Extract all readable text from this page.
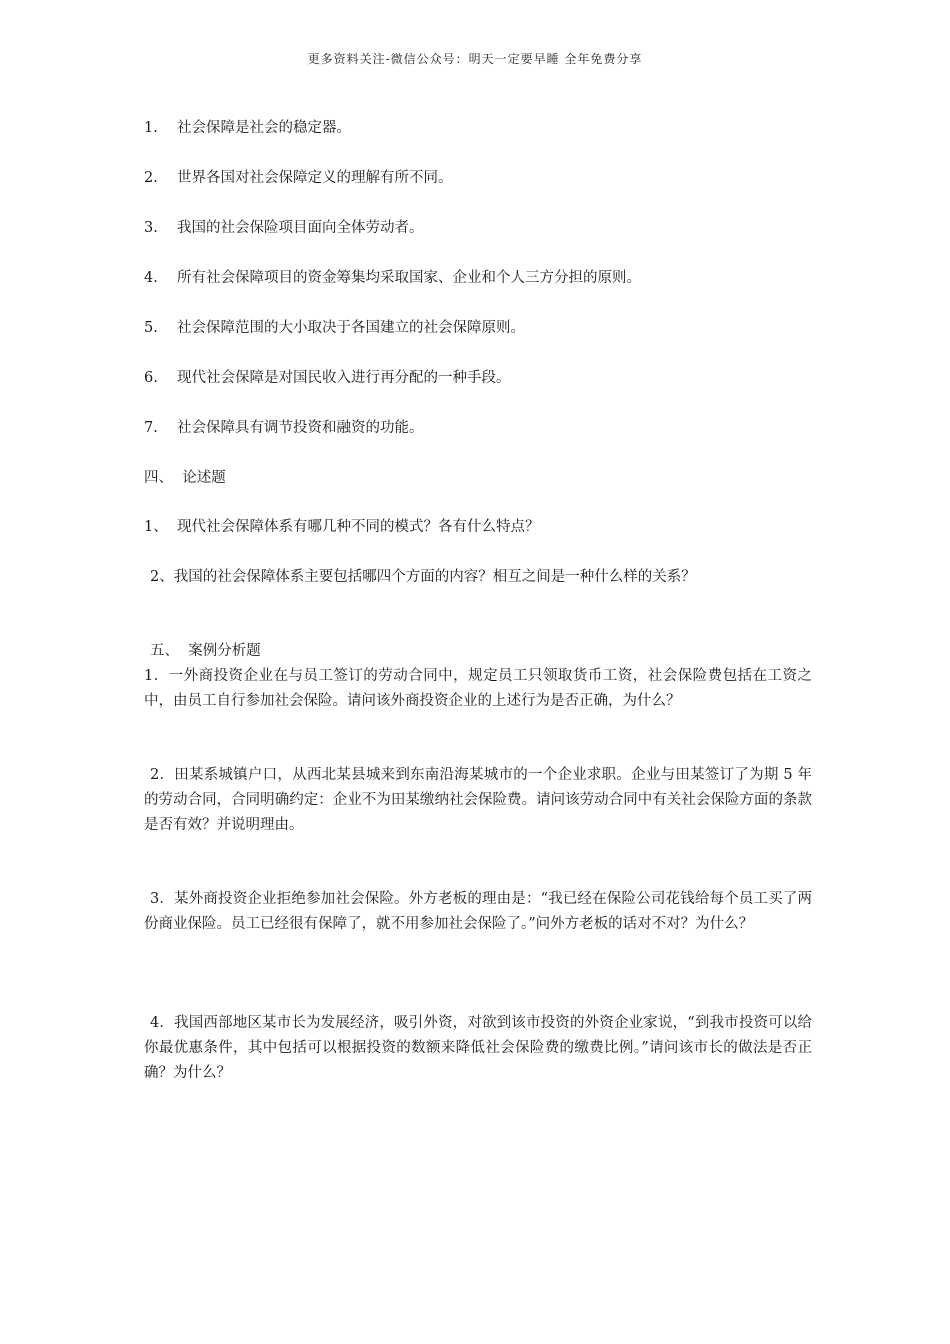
更多资料关注-微信公众号：明天一定要早睡 全年免费分享
1. 社会保障是社会的稳定器。
2. 世界各国对社会保障定义的理解有所不同。
3. 我国的社会保险项目面向全体劳动者。
4. 所有社会保障项目的资金筹集均采取国家、企业和个人三方分担的原则。
5. 社会保障范围的大小取决于各国建立的社会保障原则。
6. 现代社会保障是对国民收入进行再分配的一种手段。
7. 社会保障具有调节投资和融资的功能。
四、  论述题
1、  现代社会保障体系有哪几种不同的模式？各有什么特点？
2、我国的社会保障体系主要包括哪四个方面的内容？相互之间是一种什么样的关系？
五、  案例分析题
1．一外商投资企业在与员工签订的劳动合同中，规定员工只领取货币工资，社会保险费包括在工资之中，由员工自行参加社会保险。请问该外商投资企业的上述行为是否正确，为什么？
2．田某系城镇户口，从西北某县城来到东南沿海某城市的一个企业求职。企业与田某签订了为期 5 年的劳动合同，合同明确约定：企业不为田某缴纳社会保险费。请问该劳动合同中有关社会保险方面的条款是否有效？并说明理由。
3．某外商投资企业拒绝参加社会保险。外方老板的理由是：“我已经在保险公司花钱给每个员工买了两份商业保险。员工已经很有保障了，就不用参加社会保险了。”问外方老板的话对不对？为什么？
4．我国西部地区某市长为发展经济，吸引外资，对欲到该市投资的外资企业家说，“到我市投资可以给你最优惠条件，其中包括可以根据投资的数额来降低社会保险费的缴费比例。”请问该市长的做法是否正确？为什么？
